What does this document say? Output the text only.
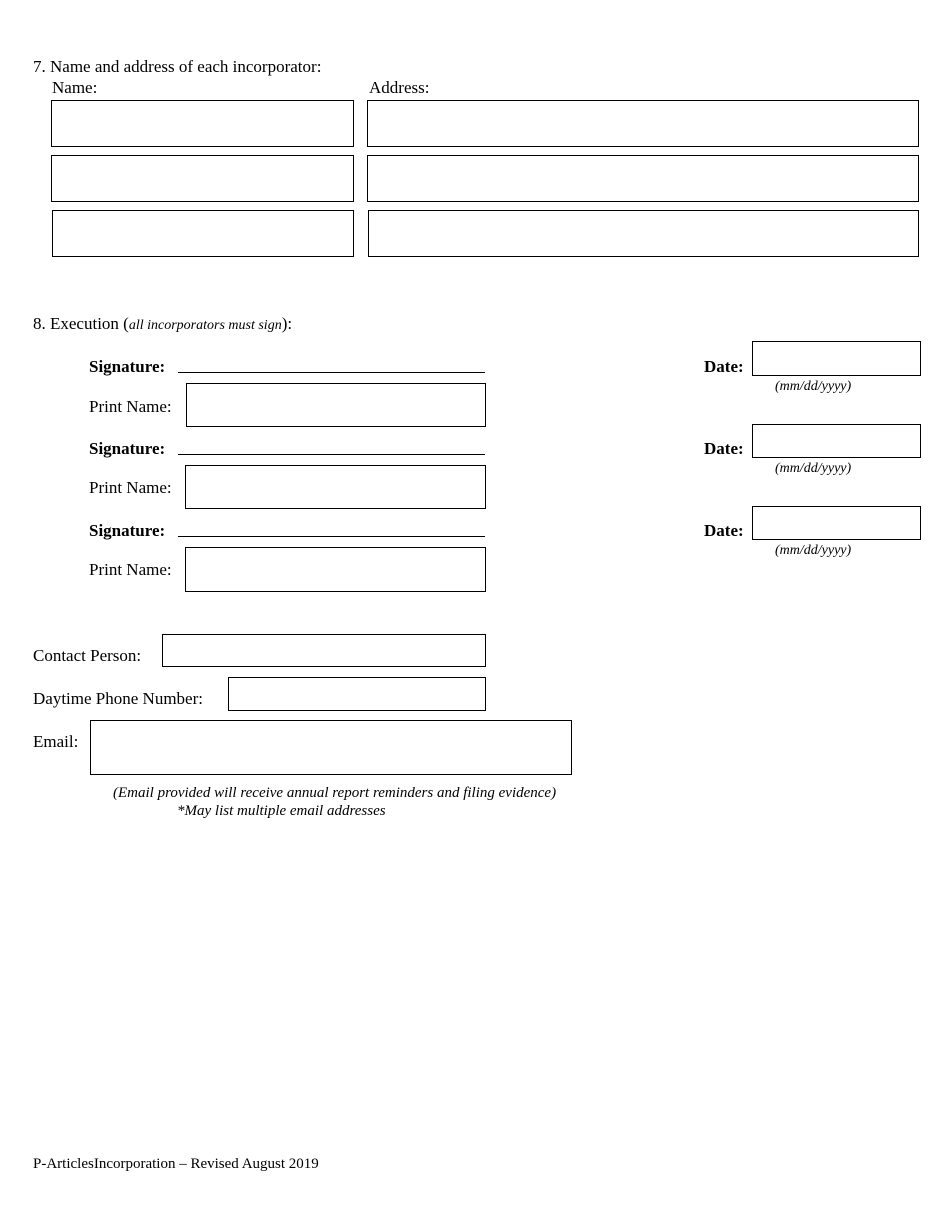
7. Name and address of each incorporator:
Name:	Address:
8. Execution (all incorporators must sign):
Signature:
Print Name:
Date:
(mm/dd/yyyy)
Signature:
Print Name:
Date:
(mm/dd/yyyy)
Signature:
Print Name:
Date:
(mm/dd/yyyy)
Contact Person:
Daytime Phone Number:
Email:
(Email provided will receive annual report reminders and filing evidence)
*May list multiple email addresses
P-ArticlesIncorporation – Revised August 2019
